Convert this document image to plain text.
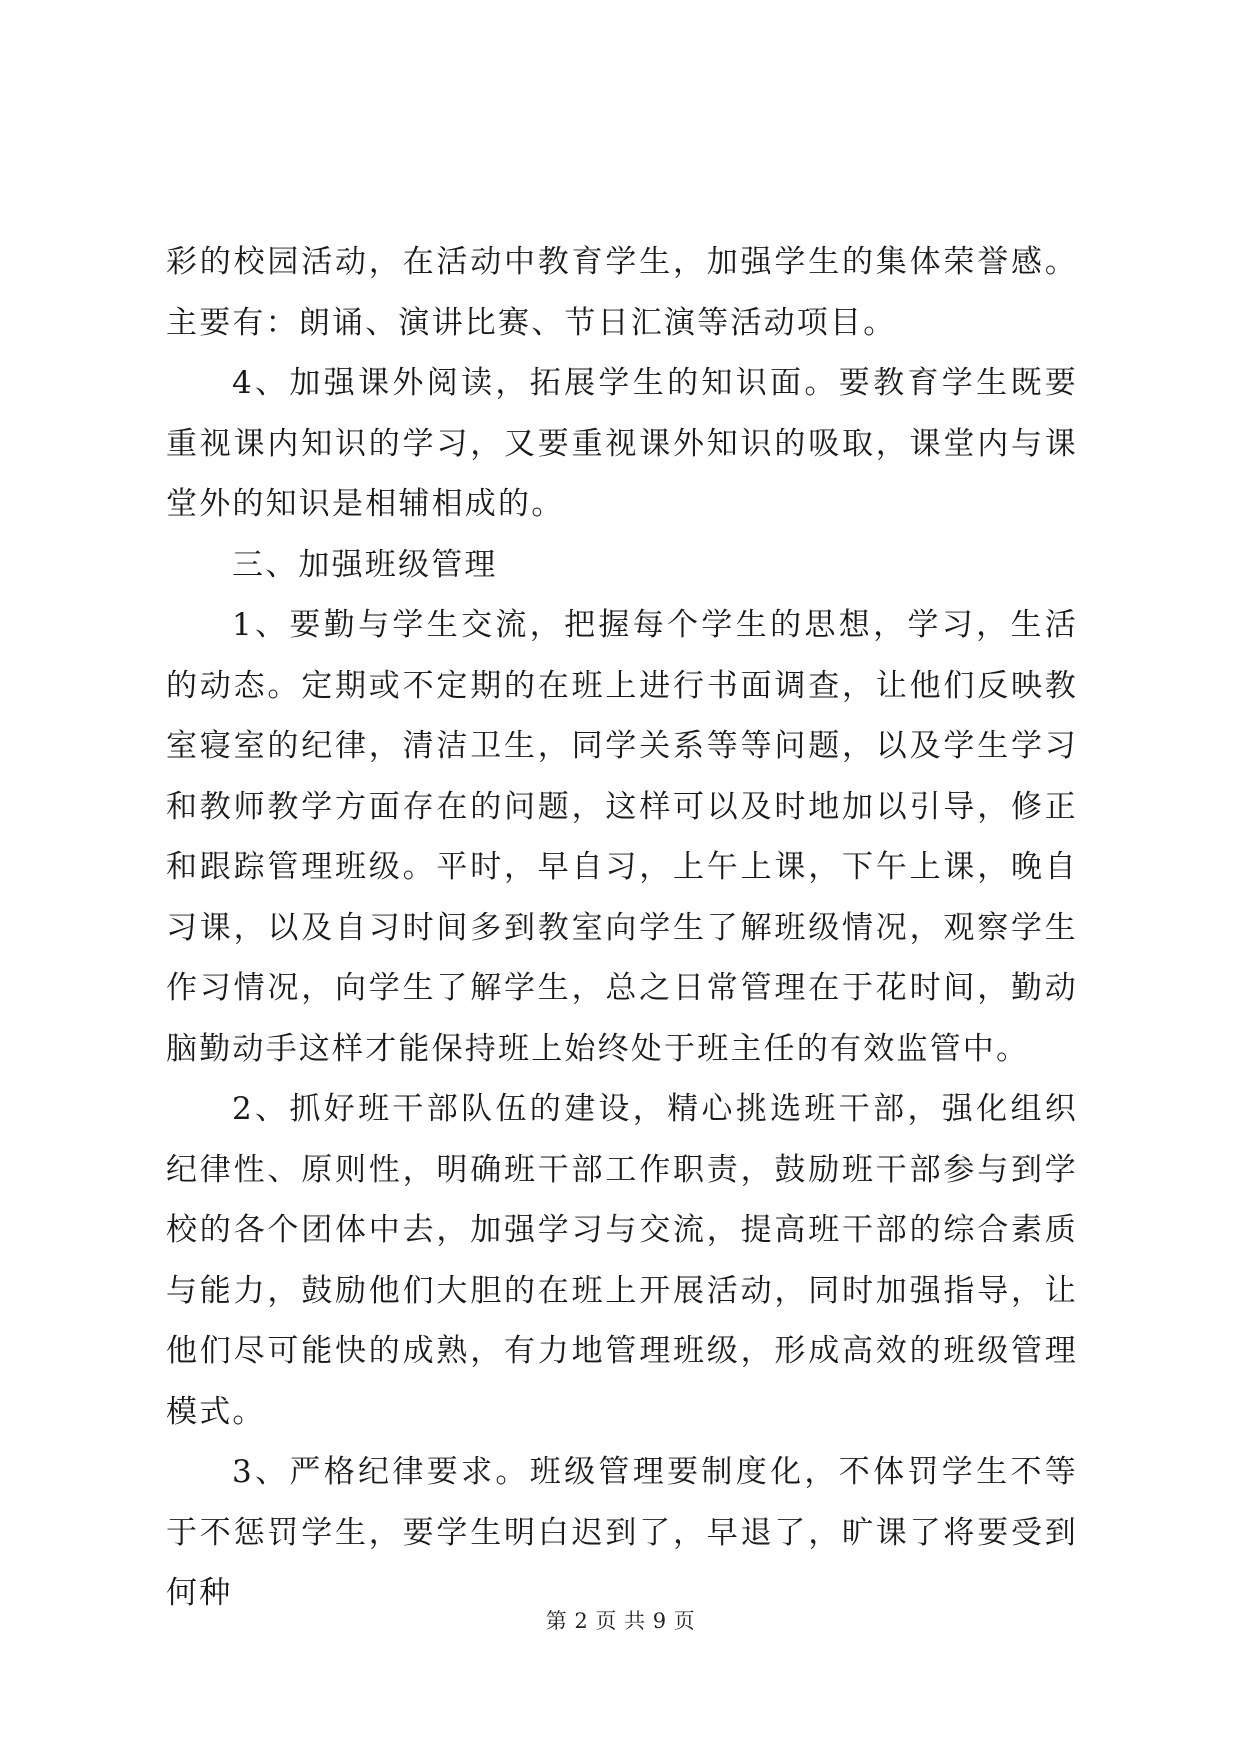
彩的校园活动，在活动中教育学生，加强学生的集体荣誉感。主要有：朗诵、演讲比赛、节日汇演等活动项目。

4、加强课外阅读，拓展学生的知识面。要教育学生既要重视课内知识的学习，又要重视课外知识的吸取，课堂内与课堂外的知识是相辅相成的。

三、加强班级管理

1、要勤与学生交流，把握每个学生的思想，学习，生活的动态。定期或不定期的在班上进行书面调查，让他们反映教室寝室的纪律，清洁卫生，同学关系等等问题，以及学生学习和教师教学方面存在的问题，这样可以及时地加以引导，修正和跟踪管理班级。平时，早自习，上午上课，下午上课，晚自习课，以及自习时间多到教室向学生了解班级情况，观察学生作习情况，向学生了解学生，总之日常管理在于花时间，勤动脑勤动手这样才能保持班上始终处于班主任的有效监管中。

2、抓好班干部队伍的建设，精心挑选班干部，强化组织纪律性、原则性，明确班干部工作职责，鼓励班干部参与到学校的各个团体中去，加强学习与交流，提高班干部的综合素质与能力，鼓励他们大胆的在班上开展活动，同时加强指导，让他们尽可能快的成熟，有力地管理班级，形成高效的班级管理模式。

3、严格纪律要求。班级管理要制度化，不体罚学生不等于不惩罚学生，要学生明白迟到了，早退了，旷课了将要受到何种

第 2 页 共 9 页
